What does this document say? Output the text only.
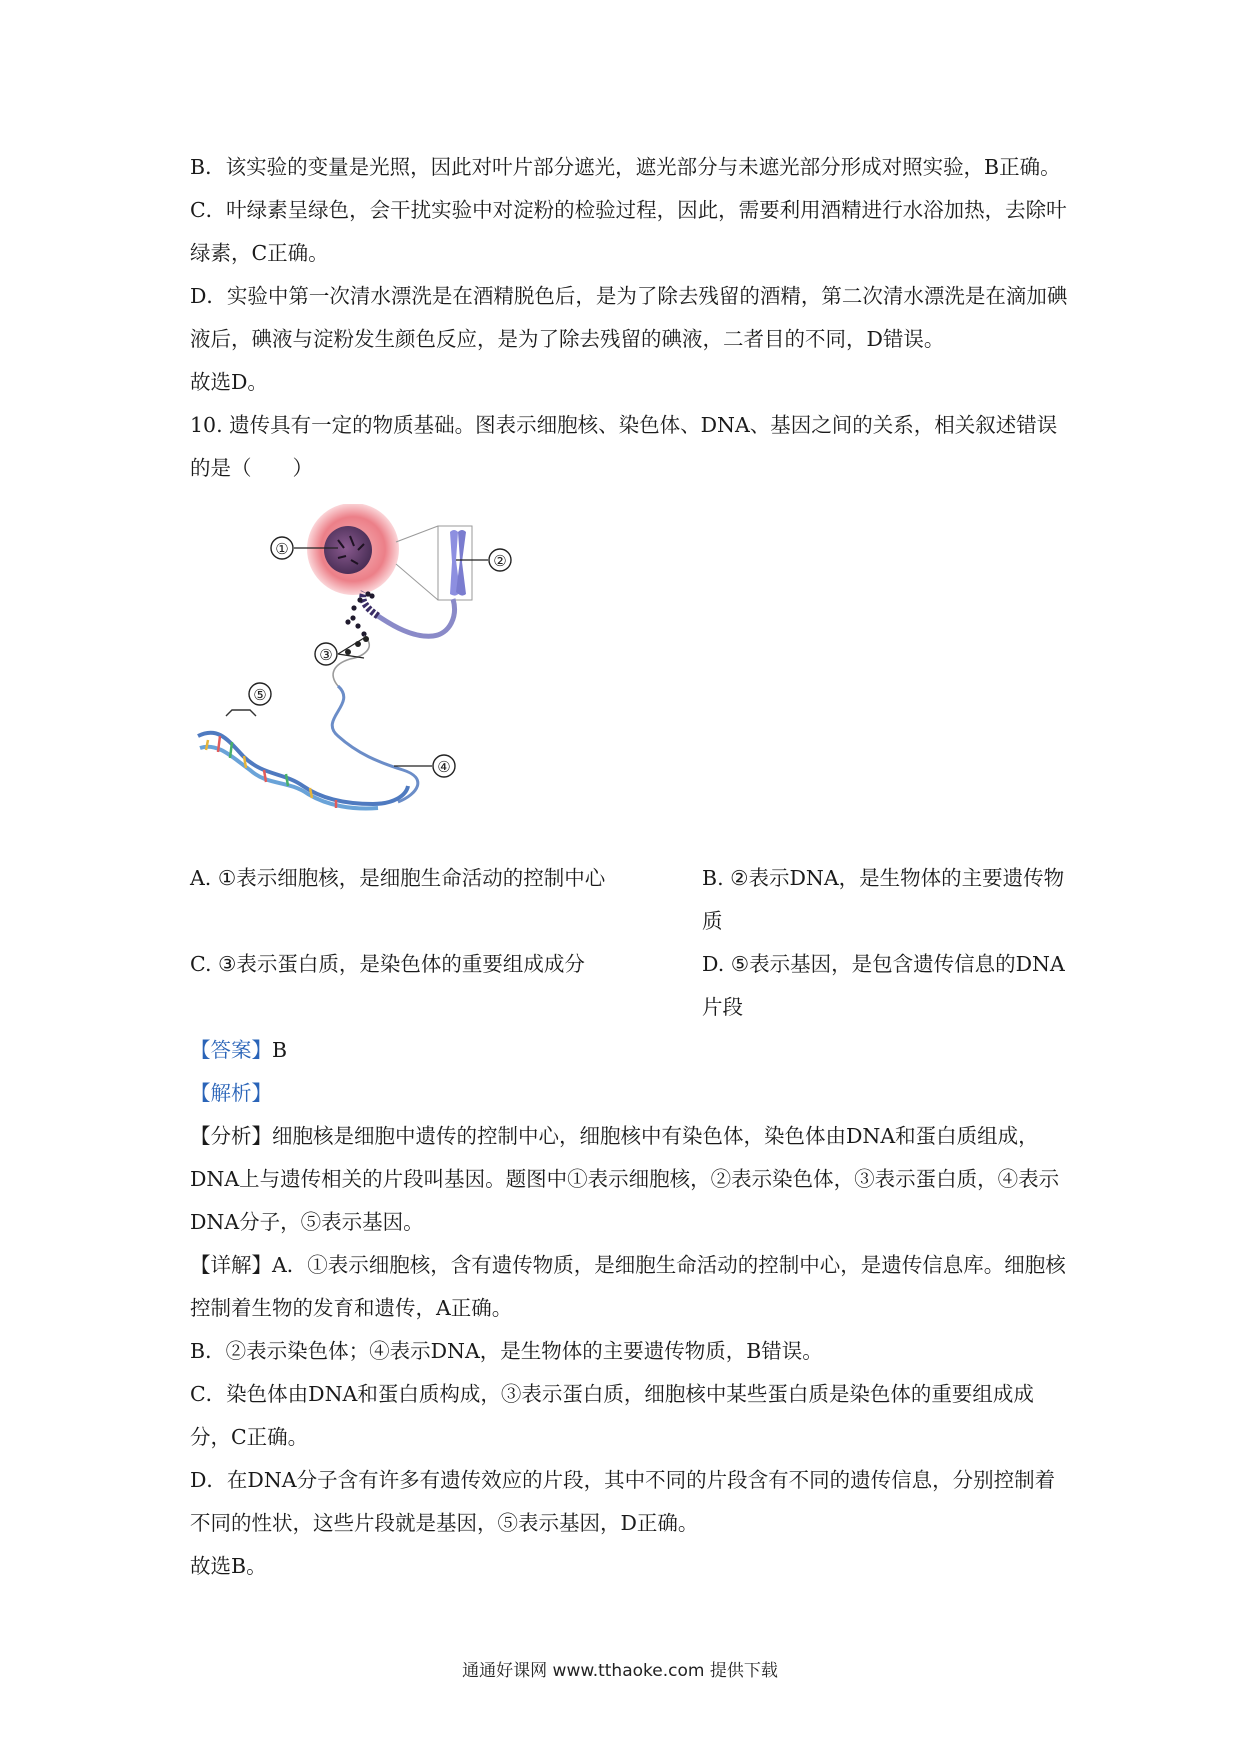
B．该实验的变量是光照，因此对叶片部分遮光，遮光部分与未遮光部分形成对照实验，B正确。

C．叶绿素呈绿色，会干扰实验中对淀粉的检验过程，因此，需要利用酒精进行水浴加热，去除叶绿素，C正确。

D．实验中第一次清水漂洗是在酒精脱色后，是为了除去残留的酒精，第二次清水漂洗是在滴加碘液后，碘液与淀粉发生颜色反应，是为了除去残留的碘液，二者目的不同，D错误。

故选D。

10. 遗传具有一定的物质基础。图表示细胞核、染色体、DNA、基因之间的关系，相关叙述错误的是（　　）

①
②
③
④
⑤
A. ①表示细胞核，是细胞生命活动的控制中心	B. ②表示DNA，是生物体的主要遗传物质
C. ③表示蛋白质，是染色体的重要组成成分	D. ⑤表示基因，是包含遗传信息的DNA片段

【答案】B

【解析】

【分析】细胞核是细胞中遗传的控制中心，细胞核中有染色体，染色体由DNA和蛋白质组成，DNA上与遗传相关的片段叫基因。题图中①表示细胞核，②表示染色体，③表示蛋白质，④表示DNA分子，⑤表示基因。

【详解】A．①表示细胞核，含有遗传物质，是细胞生命活动的控制中心，是遗传信息库。细胞核控制着生物的发育和遗传，A正确。

B．②表示染色体；④表示DNA，是生物体的主要遗传物质，B错误。

C．染色体由DNA和蛋白质构成，③表示蛋白质，细胞核中某些蛋白质是染色体的重要组成成分，C正确。

D．在DNA分子含有许多有遗传效应的片段，其中不同的片段含有不同的遗传信息，分别控制着不同的性状，这些片段就是基因，⑤表示基因，D正确。

故选B。

通通好课网 www.tthaoke.com 提供下载
